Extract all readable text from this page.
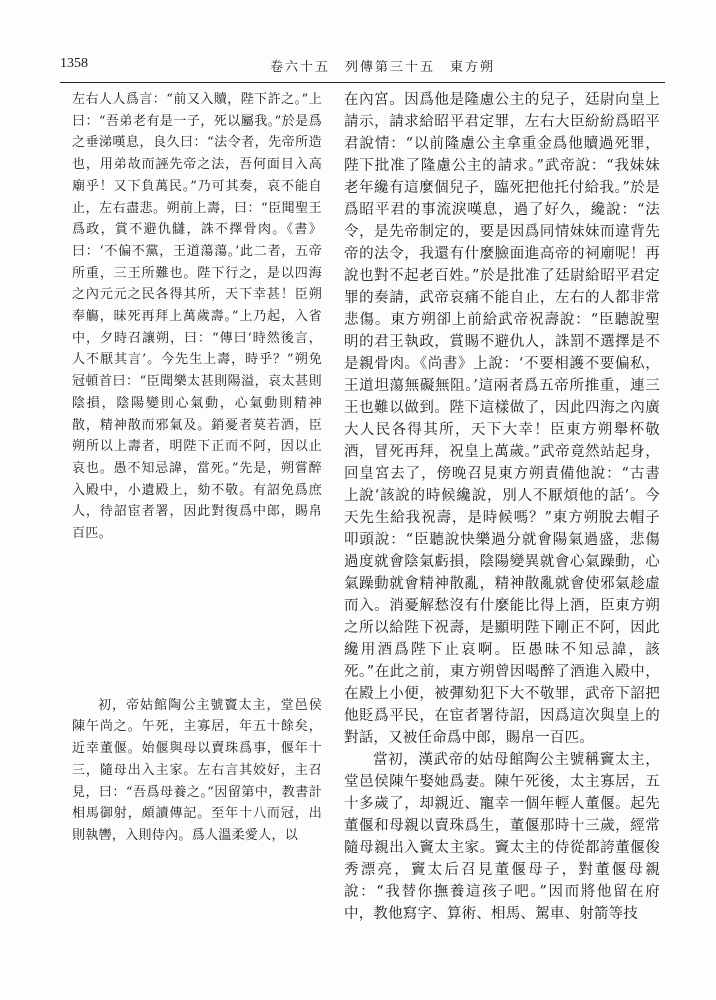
1358	卷六十五　列傳第三十五　東方朔

左右人人爲言：“前又入贖，陛下許之。”上曰：“吾弟老有是一子，死以屬我。”於是爲之垂涕嘆息，良久曰：“法令者，先帝所造也，用弟故而誣先帝之法，吾何面目入高廟乎！又下負萬民。”乃可其奏，哀不能自止，左右盡悲。朔前上壽，曰：“臣聞聖王爲政，賞不避仇讎，誅不擇骨肉。《書》曰：‘不偏不黨，王道蕩蕩。’此二者，五帝所重，三王所難也。陛下行之，是以四海之內元元之民各得其所，天下幸甚！臣朔奉觴，昧死再拜上萬歲壽。”上乃起，入省中，夕時召讓朔，曰：“傳曰‘時然後言，人不厭其言’。今先生上壽，時乎？”朔免冠頓首曰：“臣聞樂太甚則陽溢，哀太甚則陰損，陰陽變則心氣動，心氣動則精神散，精神散而邪氣及。銷憂者莫若酒，臣朔所以上壽者，明陛下正而不阿，因以止哀也。愚不知忌諱，當死。”先是，朔嘗醉入殿中，小遺殿上，劾不敬。有詔免爲庶人，待詔宦者署，因此對復爲中郎，賜帛百匹。

初，帝姑館陶公主號竇太主，堂邑侯陳午尚之。午死，主寡居，年五十餘矣，近幸董偃。始偃與母以賣珠爲事，偃年十三，隨母出入主家。左右言其姣好，主召見，曰：“吾爲母養之。”因留第中，教書計相馬御射，頗讀傳記。至年十八而冠，出則執轡，入則侍內。爲人溫柔愛人，以

在內宮。因爲他是隆慮公主的兒子，廷尉向皇上請示，請求給昭平君定罪，左右大臣紛紛爲昭平君說情：“以前隆慮公主拿重金爲他贖過死罪，陛下批准了隆慮公主的請求。”武帝說：“我妹妹老年纔有這麼個兒子，臨死把他托付給我。”於是爲昭平君的事流淚嘆息，過了好久，纔說：“法令，是先帝制定的，要是因爲同情妹妹而違背先帝的法令，我還有什麼臉面進高帝的祠廟呢！再說也對不起老百姓。”於是批准了廷尉給昭平君定罪的奏請，武帝哀痛不能自止，左右的人都非常悲傷。東方朔卻上前給武帝祝壽說：“臣聽說聖明的君王執政，賞賜不避仇人，誅罰不選擇是不是親骨肉。《尚書》上說：‘不要相護不要偏私，王道坦蕩無礙無阻。’這兩者爲五帝所推重，連三王也難以做到。陛下這樣做了，因此四海之內廣大人民各得其所，天下大幸！臣東方朔舉杯敬酒，冒死再拜，祝皇上萬歲。”武帝竟然站起身，回皇宮去了，傍晚召見東方朔責備他說：“古書上說‘該說的時候纔說，別人不厭煩他的話’。今天先生給我祝壽，是時候嗎？”東方朔脫去帽子叩頭說：“臣聽說快樂過分就會陽氣過盛，悲傷過度就會陰氣虧損，陰陽變異就會心氣躁動，心氣躁動就會精神散亂，精神散亂就會使邪氣趁虛而入。消憂解愁沒有什麼能比得上酒，臣東方朔之所以給陛下祝壽，是顯明陛下剛正不阿，因此纔用酒爲陛下止哀啊。臣愚昧不知忌諱，該死。”在此之前，東方朔曾因喝醉了酒進入殿中，在殿上小便，被彈劾犯下大不敬罪，武帝下詔把他貶爲平民，在宦者署待詔，因爲這次與皇上的對話，又被任命爲中郎，賜帛一百匹。

當初，漢武帝的姑母館陶公主號稱竇太主，堂邑侯陳午娶她爲妻。陳午死後，太主寡居，五十多歲了，却親近、寵幸一個年輕人董偃。起先董偃和母親以賣珠爲生，董偃那時十三歲，經常隨母親出入竇太主家。竇太主的侍從都誇董偃俊秀漂亮，竇太后召見董偃母子，對董偃母親說：“我替你撫養這孩子吧。”因而將他留在府中，教他寫字、算術、相馬、駕車、射箭等技
